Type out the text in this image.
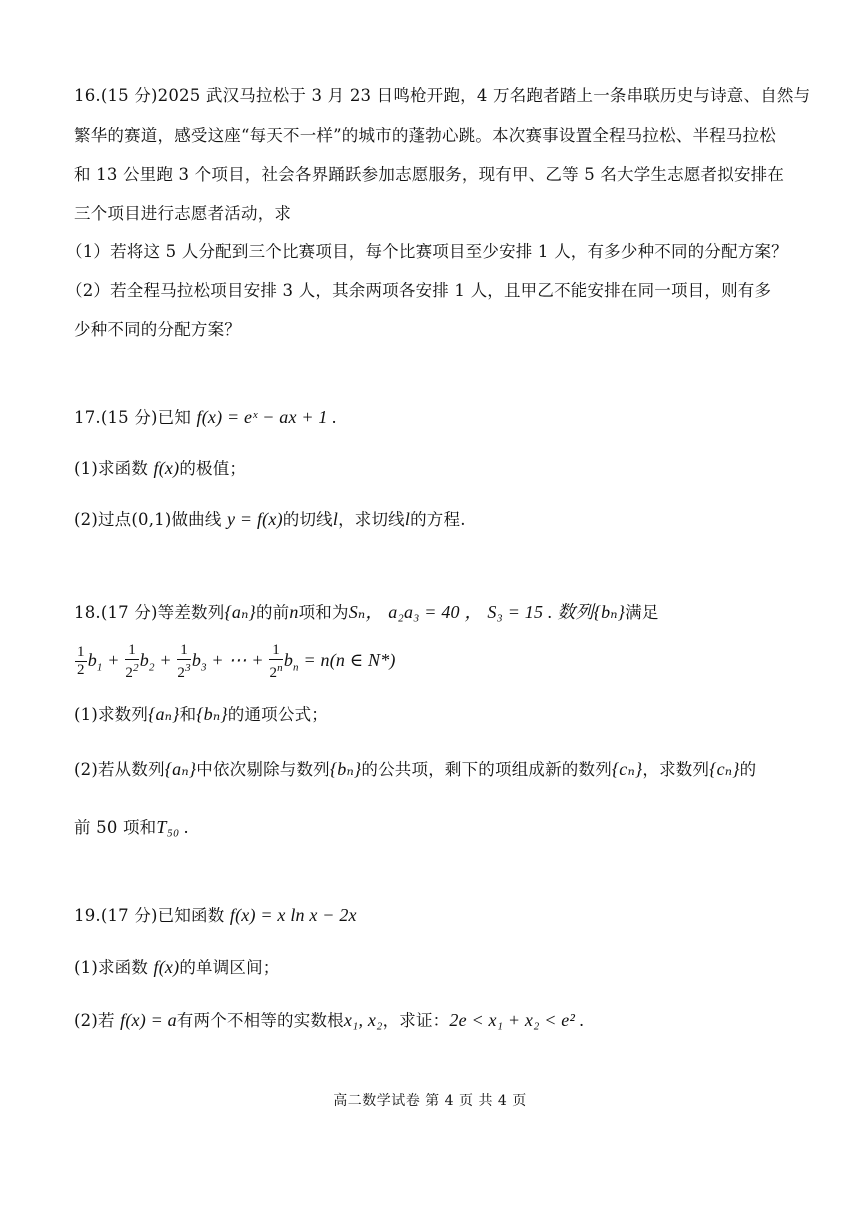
16.(15 分)2025 武汉马拉松于 3 月 23 日鸣枪开跑，4 万名跑者踏上一条串联历史与诗意、自然与
繁华的赛道，感受这座“每天不一样”的城市的蓬勃心跳。本次赛事设置全程马拉松、半程马拉松
和 13 公里跑 3 个项目，社会各界踊跃参加志愿服务，现有甲、乙等 5 名大学生志愿者拟安排在
三个项目进行志愿者活动，求
（1）若将这 5 人分配到三个比赛项目，每个比赛项目至少安排 1 人，有多少种不同的分配方案？
（2）若全程马拉松项目安排 3 人，其余两项各安排 1 人，且甲乙不能安排在同一项目，则有多
少种不同的分配方案？
17.(15 分)已知 f(x) = eˣ − ax + 1 .
(1)求函数 f(x)的极值；
(2)过点(0,1)做曲线 y = f(x)的切线l，求切线l的方程.
18.(17 分)等差数列{aₙ}的前n项和为Sₙ， a₂a₃ = 40 ， S₃ = 15 . 数列{bₙ}满足
$\frac{1}{2} b_1 + \frac{1}{2^2} b_2 + \frac{1}{2^3} b_3$ + ⋯ + $\frac{1}{2^n} b_n = n(n$ ∈ N*)
(1)求数列{aₙ}和{bₙ}的通项公式；
(2)若从数列{aₙ}中依次剔除与数列{bₙ}的公共项，剩下的项组成新的数列{cₙ}，求数列{cₙ}的
前 50 项和T₅₀ .
19.(17 分)已知函数 f(x) = x ln x − 2x
(1)求函数 f(x)的单调区间；
(2)若 f(x) = a有两个不相等的实数根x₁, x₂，求证：2e < x₁ + x₂ < e² .
高二数学试卷 第 4 页 共 4 页
